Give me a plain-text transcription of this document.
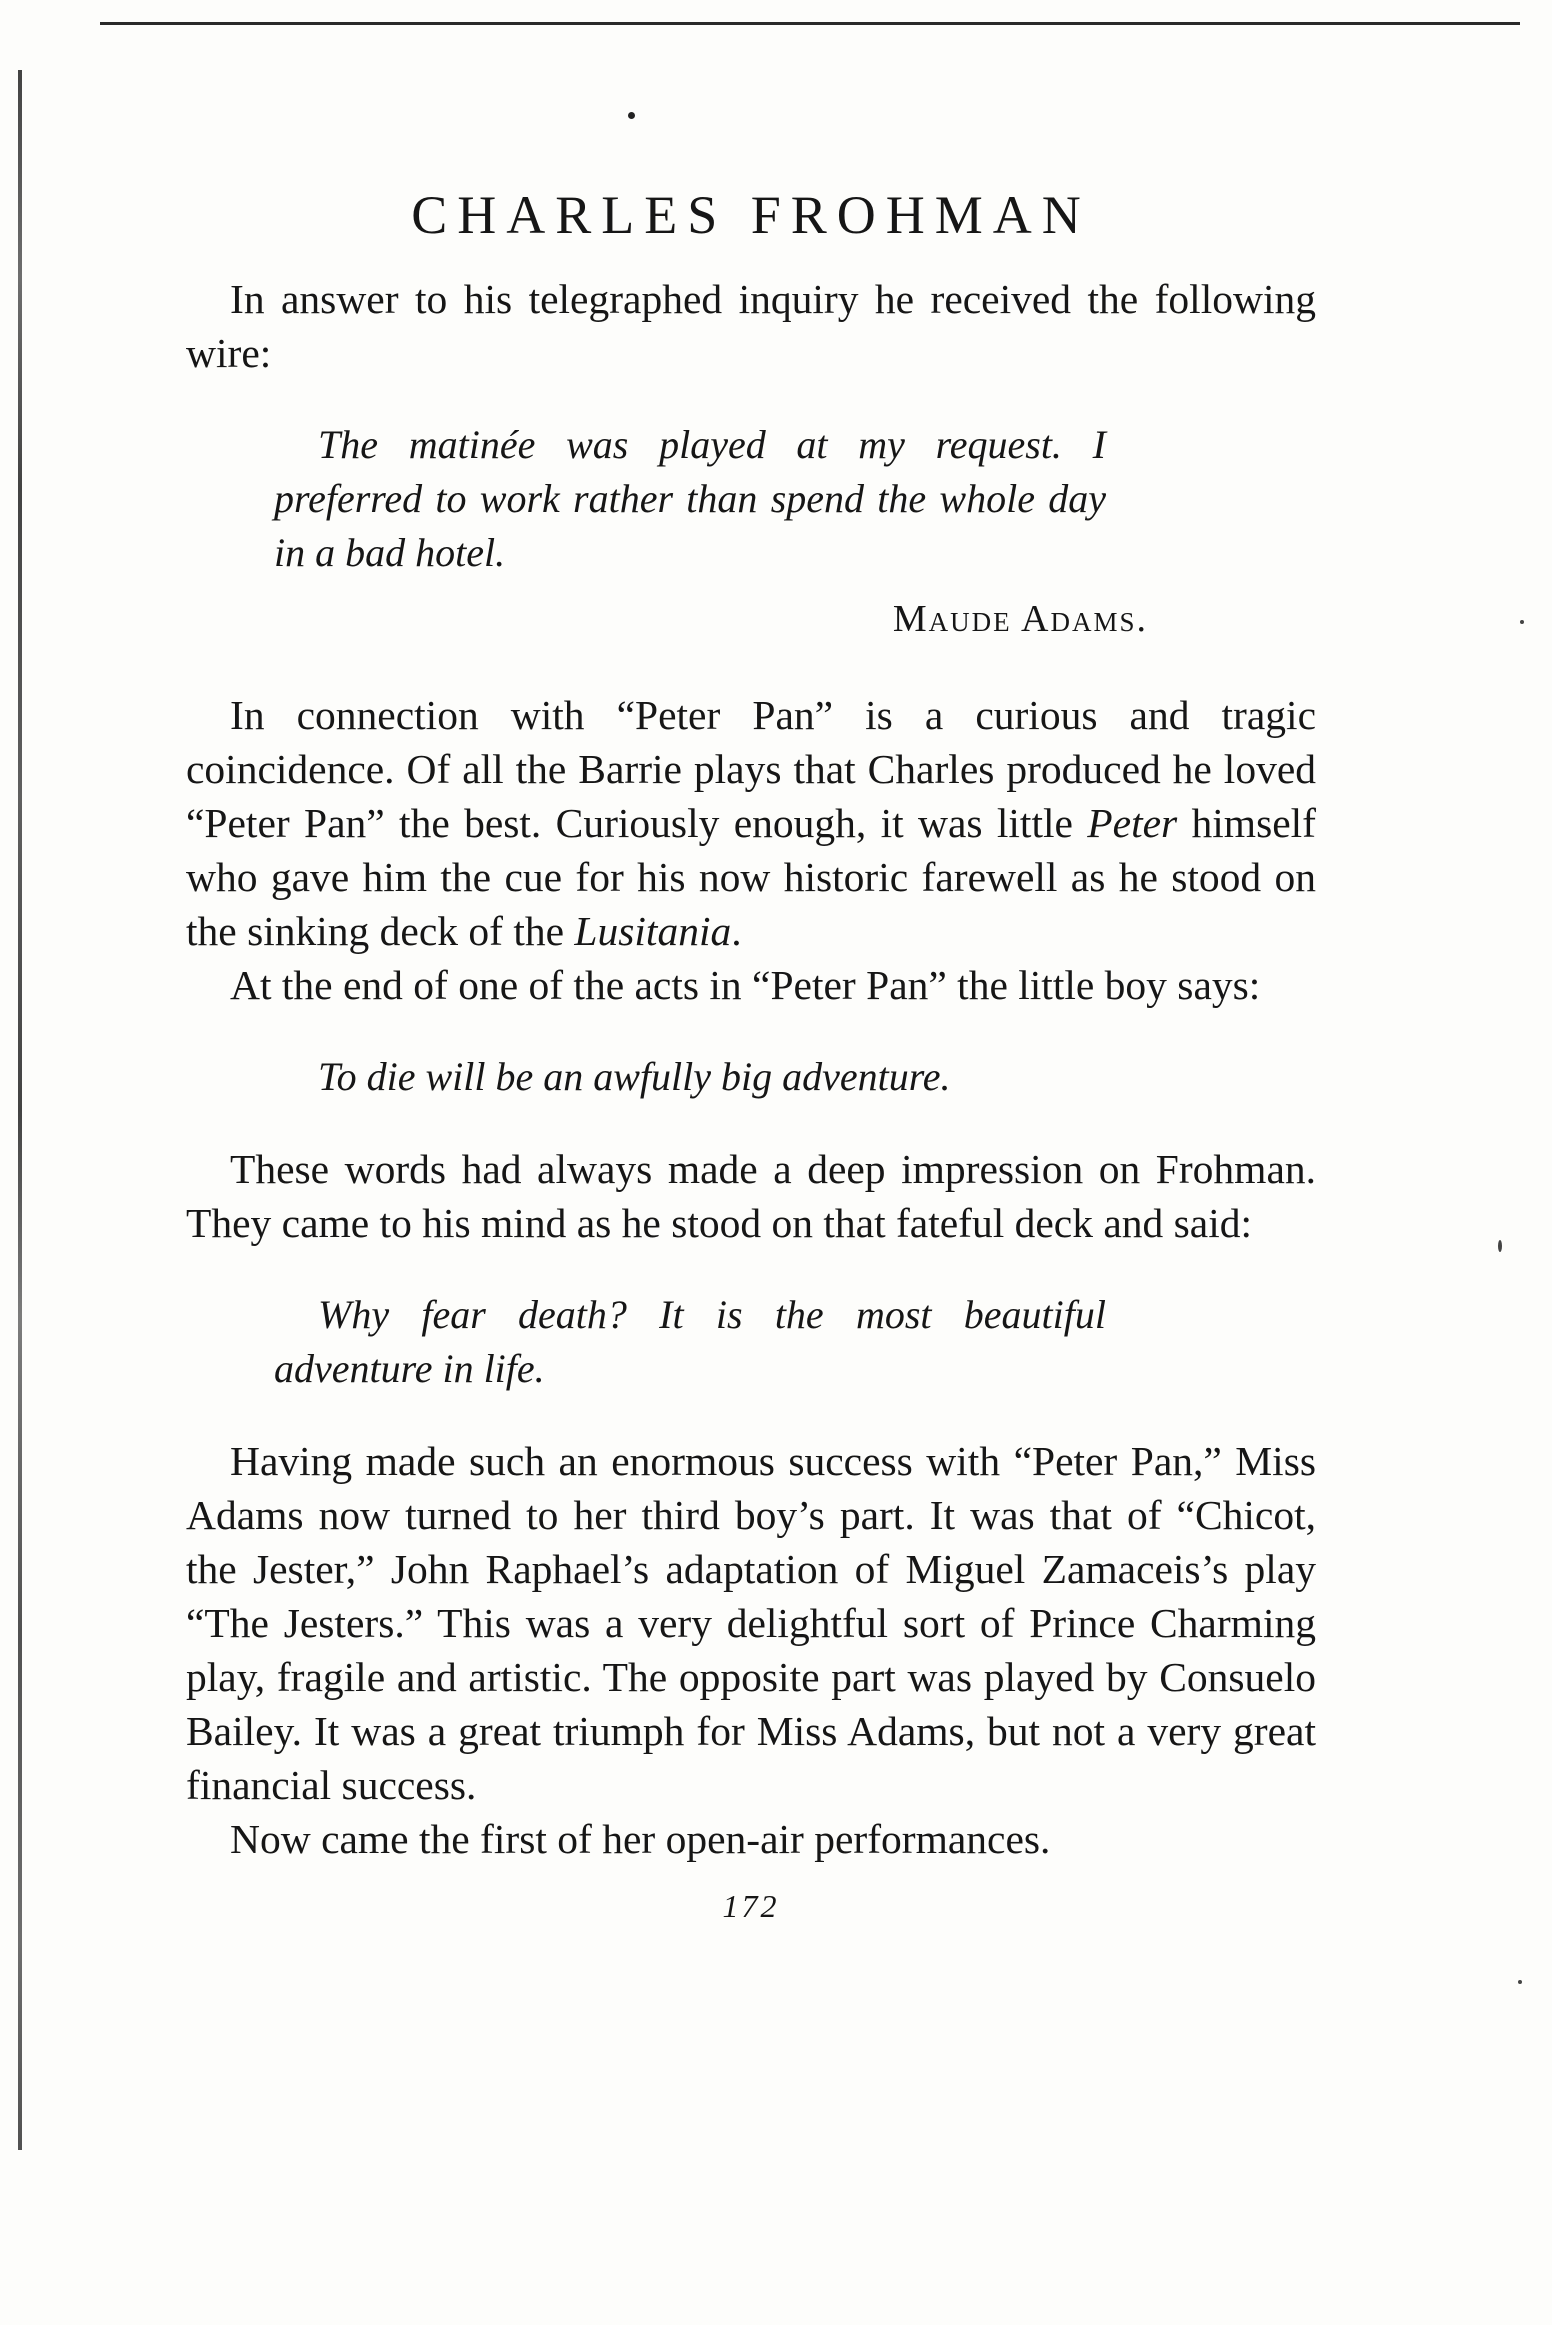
CHARLES FROHMAN

In answer to his telegraphed inquiry he received the following wire:

The matinée was played at my request. I preferred to work rather than spend the whole day in a bad hotel.
Maude Adams.

In connection with “Peter Pan” is a curious and tragic coincidence. Of all the Barrie plays that Charles produced he loved “Peter Pan” the best. Curiously enough, it was little Peter himself who gave him the cue for his now historic farewell as he stood on the sinking deck of the Lusitania.

At the end of one of the acts in “Peter Pan” the little boy says:

To die will be an awfully big adventure.

These words had always made a deep impression on Frohman. They came to his mind as he stood on that fateful deck and said:

Why fear death? It is the most beautiful adventure in life.

Having made such an enormous success with “Peter Pan,” Miss Adams now turned to her third boy’s part. It was that of “Chicot, the Jester,” John Raphael’s adaptation of Miguel Zamaceis’s play “The Jesters.” This was a very delightful sort of Prince Charming play, fragile and artistic. The opposite part was played by Consuelo Bailey. It was a great triumph for Miss Adams, but not a very great financial success.

Now came the first of her open-air performances.

172
